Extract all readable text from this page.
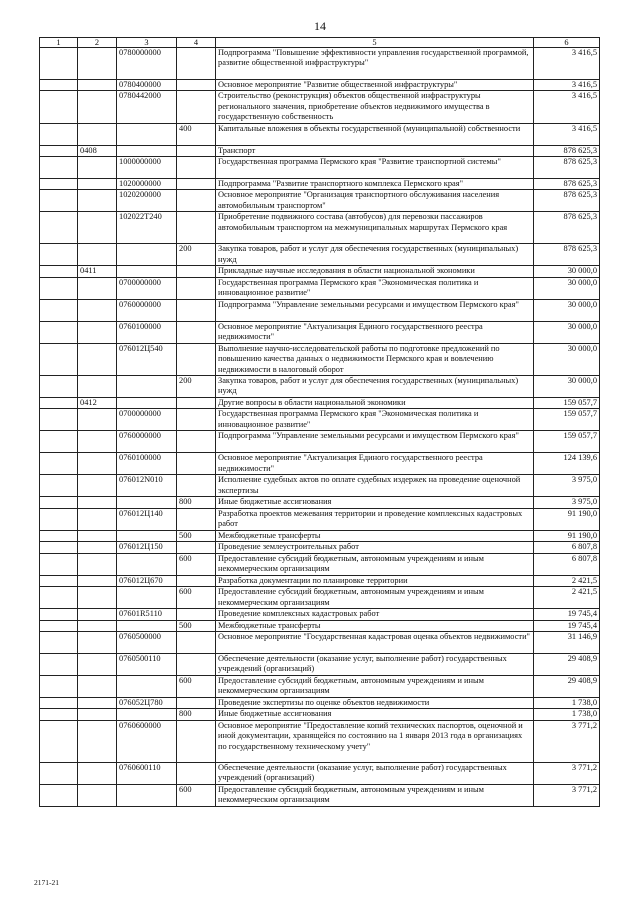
14
1	2	3	4	5	6
		0780000000		Подпрограмма "Повышение эффективности управления государственной программой, развитие общественной инфраструктуры"	3 416,5
		0780400000		Основное мероприятие "Развитие общественной инфраструктуры"	3 416,5
		0780442000		Строительство (реконструкция) объектов общественной инфраструктуры регионального значения, приобретение объектов недвижимого имущества в государственную собственность	3 416,5
			400	Капитальные вложения в объекты государственной (муниципальной) собственности	3 416,5
	0408			Транспорт	878 625,3
		1000000000		Государственная программа Пермского края "Развитие транспортной системы"	878 625,3
		1020000000		Подпрограмма "Развитие транспортного комплекса Пермского края"	878 625,3
		1020200000		Основное мероприятие "Организация транспортного обслуживания населения автомобильным транспортом"	878 625,3
		102022Т240		Приобретение подвижного состава (автобусов) для перевозки пассажиров автомобильным транспортом на межмуниципальных маршрутах Пермского края	878 625,3
			200	Закупка товаров, работ и услуг для обеспечения государственных (муниципальных) нужд	878 625,3
	0411			Прикладные научные исследования в области национальной экономики	30 000,0
		0700000000		Государственная программа Пермского края "Экономическая политика и инновационное развитие"	30 000,0
		0760000000		Подпрограмма "Управление земельными ресурсами и имуществом Пермского края"	30 000,0
		0760100000		Основное мероприятие "Актуализация Единого государственного реестра недвижимости"	30 000,0
		076012Ц540		Выполнение научно-исследовательской работы по подготовке предложений по повышению качества данных о недвижимости Пермского края и вовлечению недвижимости в налоговый оборот	30 000,0
			200	Закупка товаров, работ и услуг для обеспечения государственных (муниципальных) нужд	30 000,0
	0412			Другие вопросы в области национальной экономики	159 057,7
		0700000000		Государственная программа Пермского края "Экономическая политика и инновационное развитие"	159 057,7
		0760000000		Подпрограмма "Управление земельными ресурсами и имуществом Пермского края"	159 057,7
		0760100000		Основное мероприятие "Актуализация Единого государственного реестра недвижимости"	124 139,6
		076012N010		Исполнение судебных актов по оплате судебных издержек на проведение оценочной экспертизы	3 975,0
			800	Иные бюджетные ассигнования	3 975,0
		076012Ц140		Разработка проектов межевания территории и проведение комплексных кадастровых работ	91 190,0
			500	Межбюджетные трансферты	91 190,0
		076012Ц150		Проведение землеустроительных работ	6 807,8
			600	Предоставление субсидий бюджетным, автономным учреждениям и иным некоммерческим организациям	6 807,8
		076012Ц670		Разработка документации по планировке территории	2 421,5
			600	Предоставление субсидий бюджетным, автономным учреждениям и иным некоммерческим организациям	2 421,5
		07601R5110		Проведение комплексных кадастровых работ	19 745,4
			500	Межбюджетные трансферты	19 745,4
		0760500000		Основное мероприятие "Государственная кадастровая оценка объектов недвижимости"	31 146,9
		0760500110		Обеспечение деятельности (оказание услуг, выполнение работ) государственных учреждений (организаций)	29 408,9
			600	Предоставление субсидий бюджетным, автономным учреждениям и иным некоммерческим организациям	29 408,9
		076052Ц780		Проведение экспертизы по оценке объектов недвижимости	1 738,0
			800	Иные бюджетные ассигнования	1 738,0
		0760600000		Основное мероприятие "Предоставление копий технических паспортов, оценочной и иной документации, хранящейся по состоянию на 1 января 2013 года в организациях по государственному техническому учету"	3 771,2
		0760600110		Обеспечение деятельности (оказание услуг, выполнение работ) государственных учреждений (организаций)	3 771,2
			600	Предоставление субсидий бюджетным, автономным учреждениям и иным некоммерческим организациям	3 771,2
2171-21
